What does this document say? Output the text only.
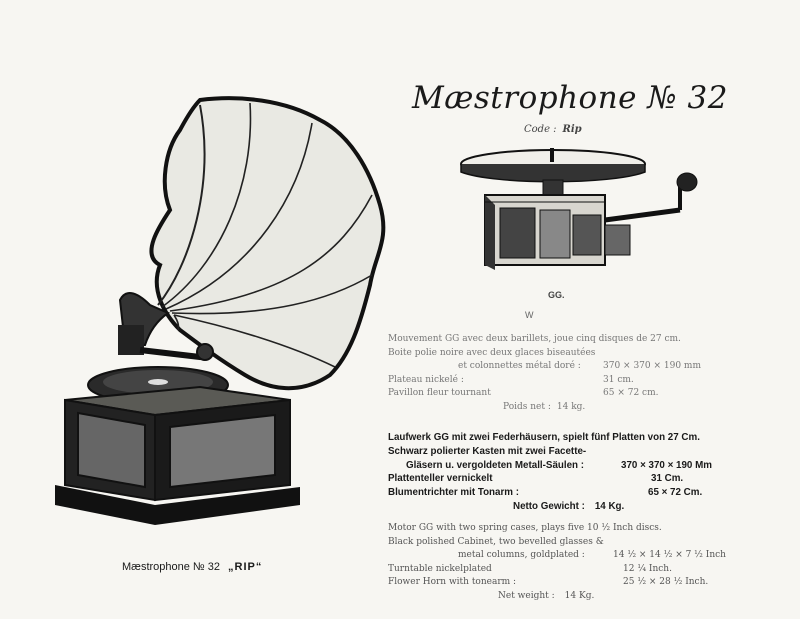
Mæstrophone № 32
Code : Rip
GG.
W
Mouvement GG avec deux barillets, joue cinq disques de 27 cm.
Boite polie noire avec deux glaces biseautées
et colonnettes métal doré : 370 × 370 × 190 mm
Plateau nickelé :	31 cm.
Pavillon fleur tournant	65 × 72 cm.
Poids net : 14 kg.
Laufwerk GG mit zwei Federhäusern, spielt fünf Platten von 27 Cm.
Schwarz polierter Kasten mit zwei Facette-
Gläsern u. vergoldeten Metall-Säulen :	370 × 370 × 190 Mm
Plattenteller vernickelt	31 Cm.
Blumentrichter mit Tonarm :	65 × 72 Cm.
Netto Gewicht : 14 Kg.
Motor GG with two spring cases, plays five 10 ½ Inch discs.
Black polished Cabinet, two bevelled glasses &
metal columns, goldplated :	14 ½ × 14 ½ × 7 ½ Inch
Turntable nickelplated	12 ¼ Inch.
Flower Horn with tonearm :	25 ½ × 28 ½ Inch.
Net weight : 14 Kg.
Mæstrophone № 32 „RIP“
